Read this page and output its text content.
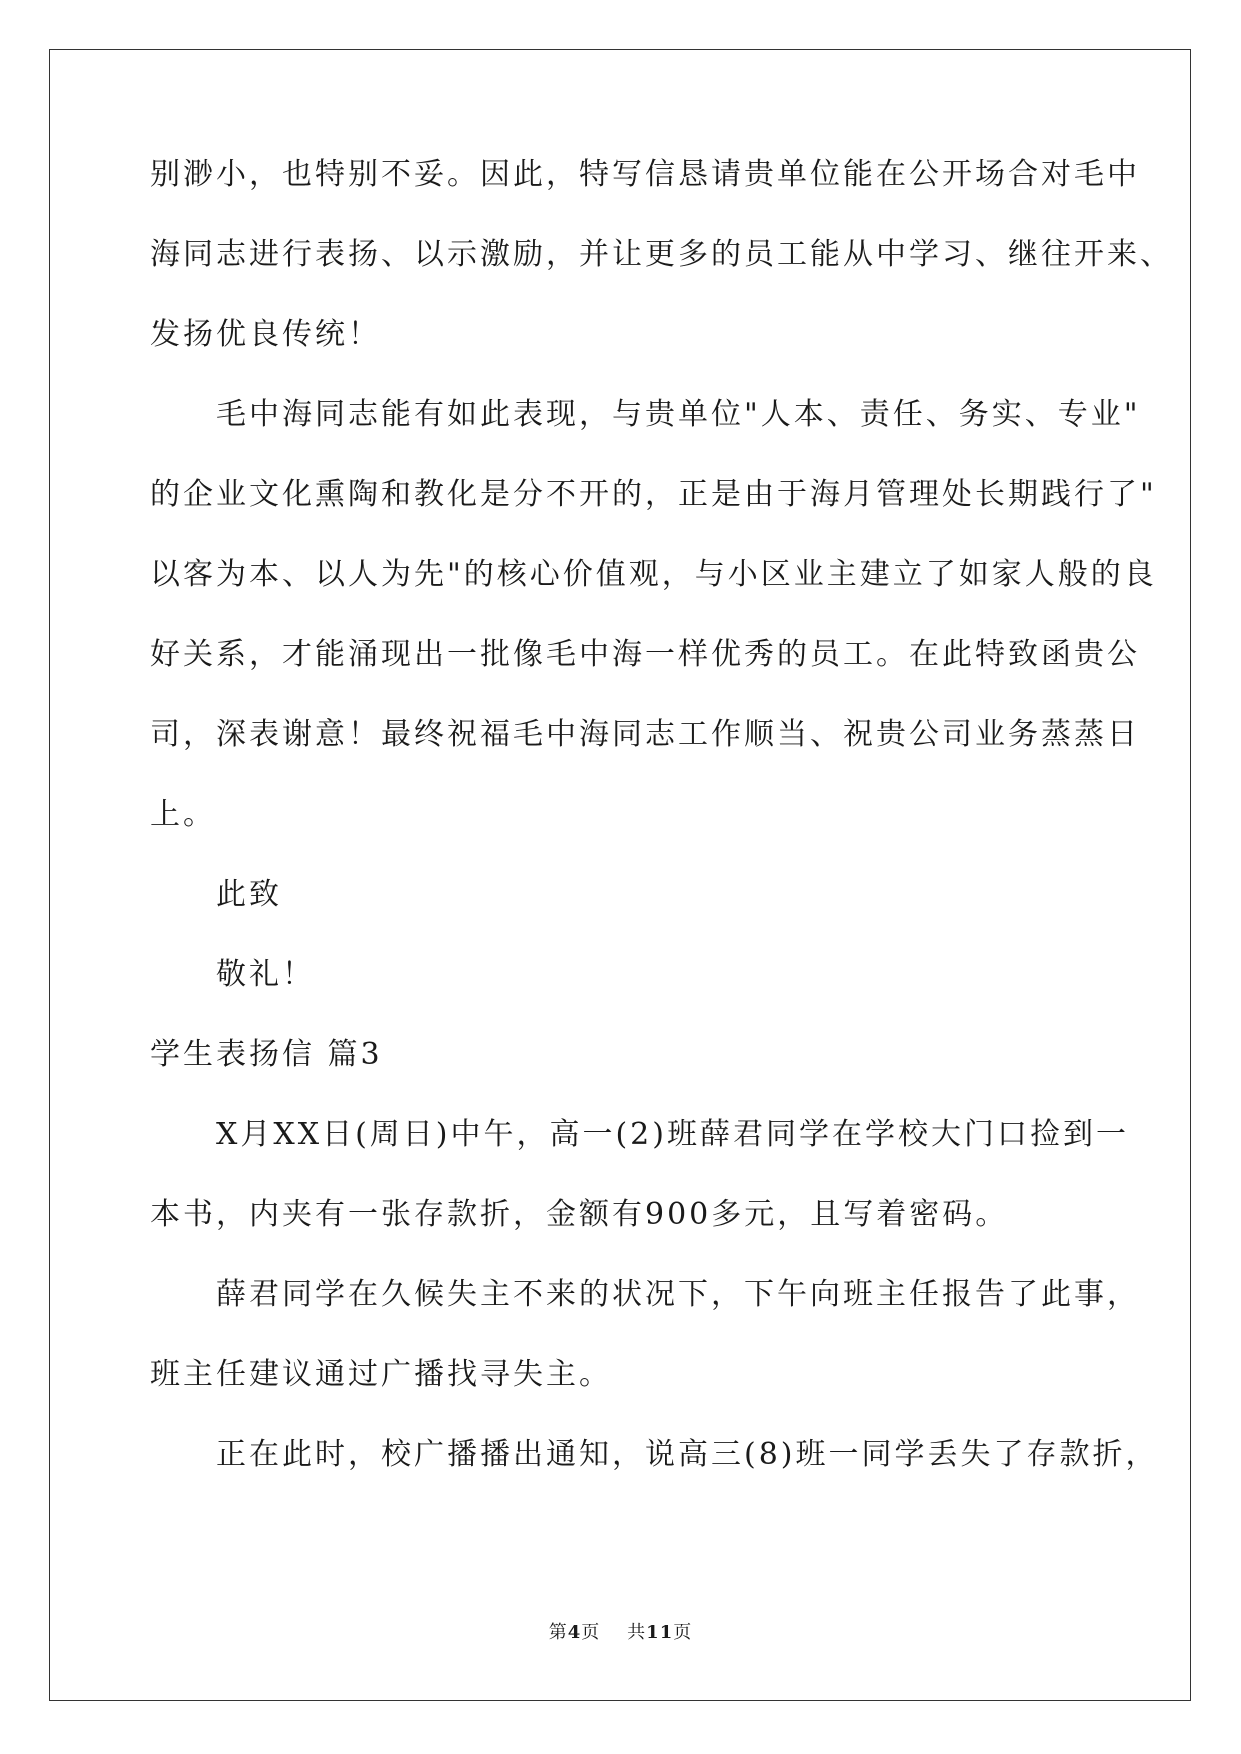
别渺小，也特别不妥。因此，特写信恳请贵单位能在公开场合对毛中

海同志进行表扬、以示激励，并让更多的员工能从中学习、继往开来、

发扬优良传统！

　　毛中海同志能有如此表现，与贵单位"人本、责任、务实、专业"

的企业文化熏陶和教化是分不开的，正是由于海月管理处长期践行了"

以客为本、以人为先"的核心价值观，与小区业主建立了如家人般的良

好关系，才能涌现出一批像毛中海一样优秀的员工。在此特致函贵公

司，深表谢意！最终祝福毛中海同志工作顺当、祝贵公司业务蒸蒸日

上。

　　此致

　　敬礼！

学生表扬信 篇3

　　X月XX日(周日)中午，高一(2)班薛君同学在学校大门口捡到一

本书，内夹有一张存款折，金额有900多元，且写着密码。

　　薛君同学在久候失主不来的状况下，下午向班主任报告了此事，

班主任建议通过广播找寻失主。

　　正在此时，校广播播出通知，说高三(8)班一同学丢失了存款折，

第4页 共11页
